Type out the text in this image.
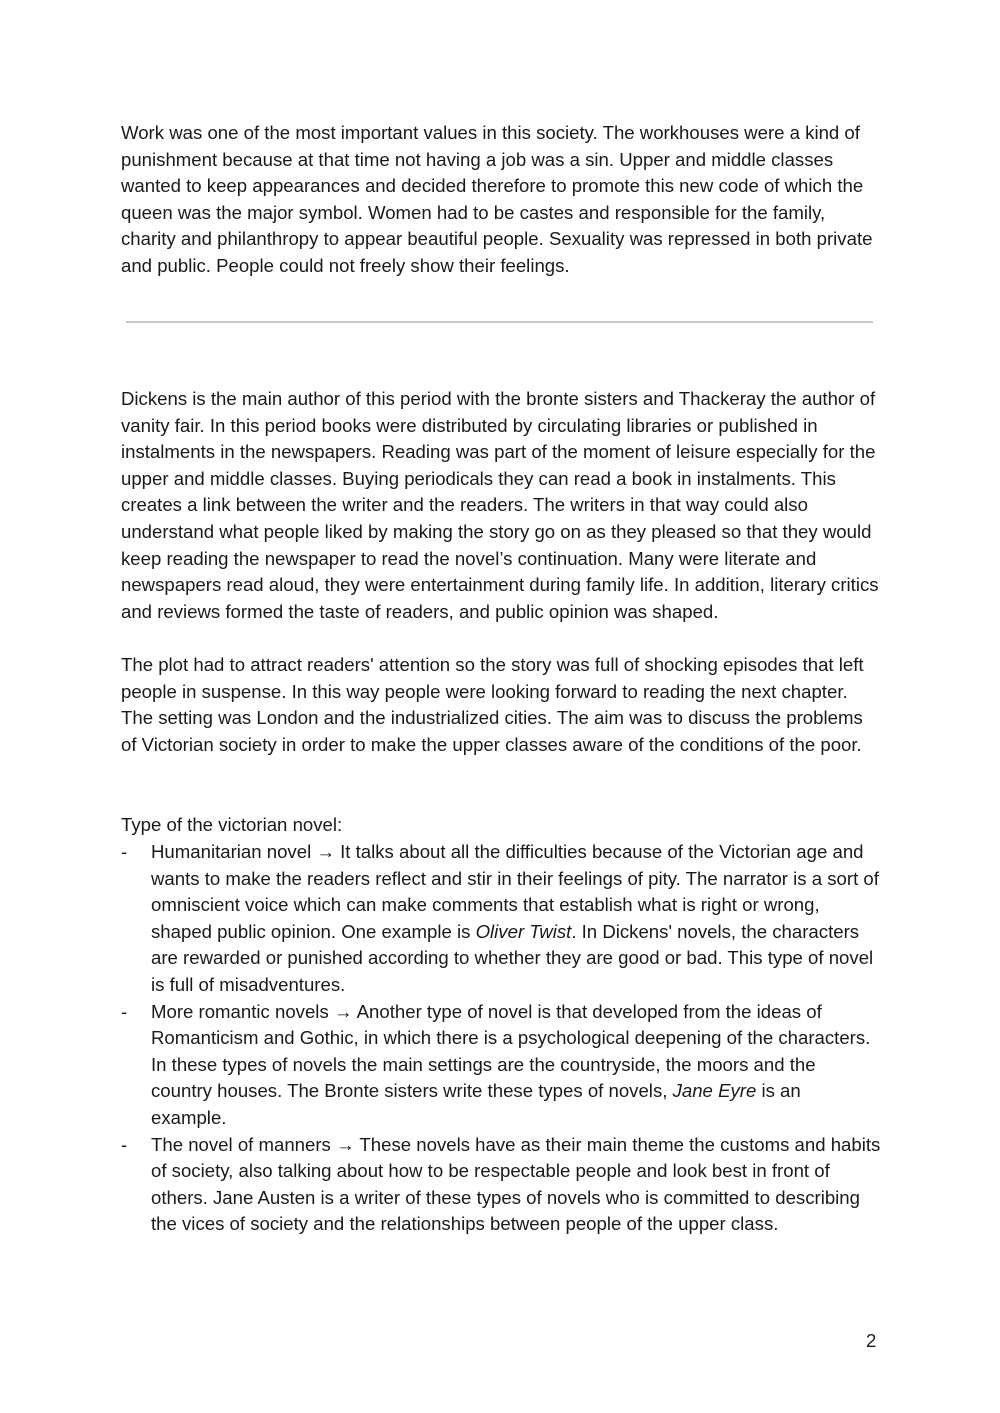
Work was one of the most important values in this society. The workhouses were a kind of punishment because at that time not having a job was a sin. Upper and middle classes wanted to keep appearances and decided therefore to promote this new code of which the queen was the major symbol. Women had to be castes and responsible for the family, charity and philanthropy to appear beautiful people. Sexuality was repressed in both private and public. People could not freely show their feelings.

Dickens is the main author of this period with the bronte sisters and Thackeray the author of vanity fair. In this period books were distributed by circulating libraries or published in instalments in the newspapers. Reading was part of the moment of leisure especially for the upper and middle classes. Buying periodicals they can read a book in instalments. This creates a link between the writer and the readers. The writers in that way could also understand what people liked by making the story go on as they pleased so that they would keep reading the newspaper to read the novel’s continuation. Many were literate and newspapers read aloud, they were entertainment during family life. In addition, literary critics and reviews formed the taste of readers, and public opinion was shaped.

The plot had to attract readers' attention so the story was full of shocking episodes that left people in suspense. In this way people were looking forward to reading the next chapter. The setting was London and the industrialized cities. The aim was to discuss the problems of Victorian society in order to make the upper classes aware of the conditions of the poor.

Type of the victorian novel:

- Humanitarian novel → It talks about all the difficulties because of the Victorian age and wants to make the readers reflect and stir in their feelings of pity. The narrator is a sort of omniscient voice which can make comments that establish what is right or wrong, shaped public opinion. One example is Oliver Twist. In Dickens' novels, the characters are rewarded or punished according to whether they are good or bad. This type of novel is full of misadventures.
- More romantic novels → Another type of novel is that developed from the ideas of Romanticism and Gothic, in which there is a psychological deepening of the characters. In these types of novels the main settings are the countryside, the moors and the country houses. The Bronte sisters write these types of novels, Jane Eyre is an example.
- The novel of manners → These novels have as their main theme the customs and habits of society, also talking about how to be respectable people and look best in front of others. Jane Austen is a writer of these types of novels who is committed to describing the vices of society and the relationships between people of the upper class.
2
